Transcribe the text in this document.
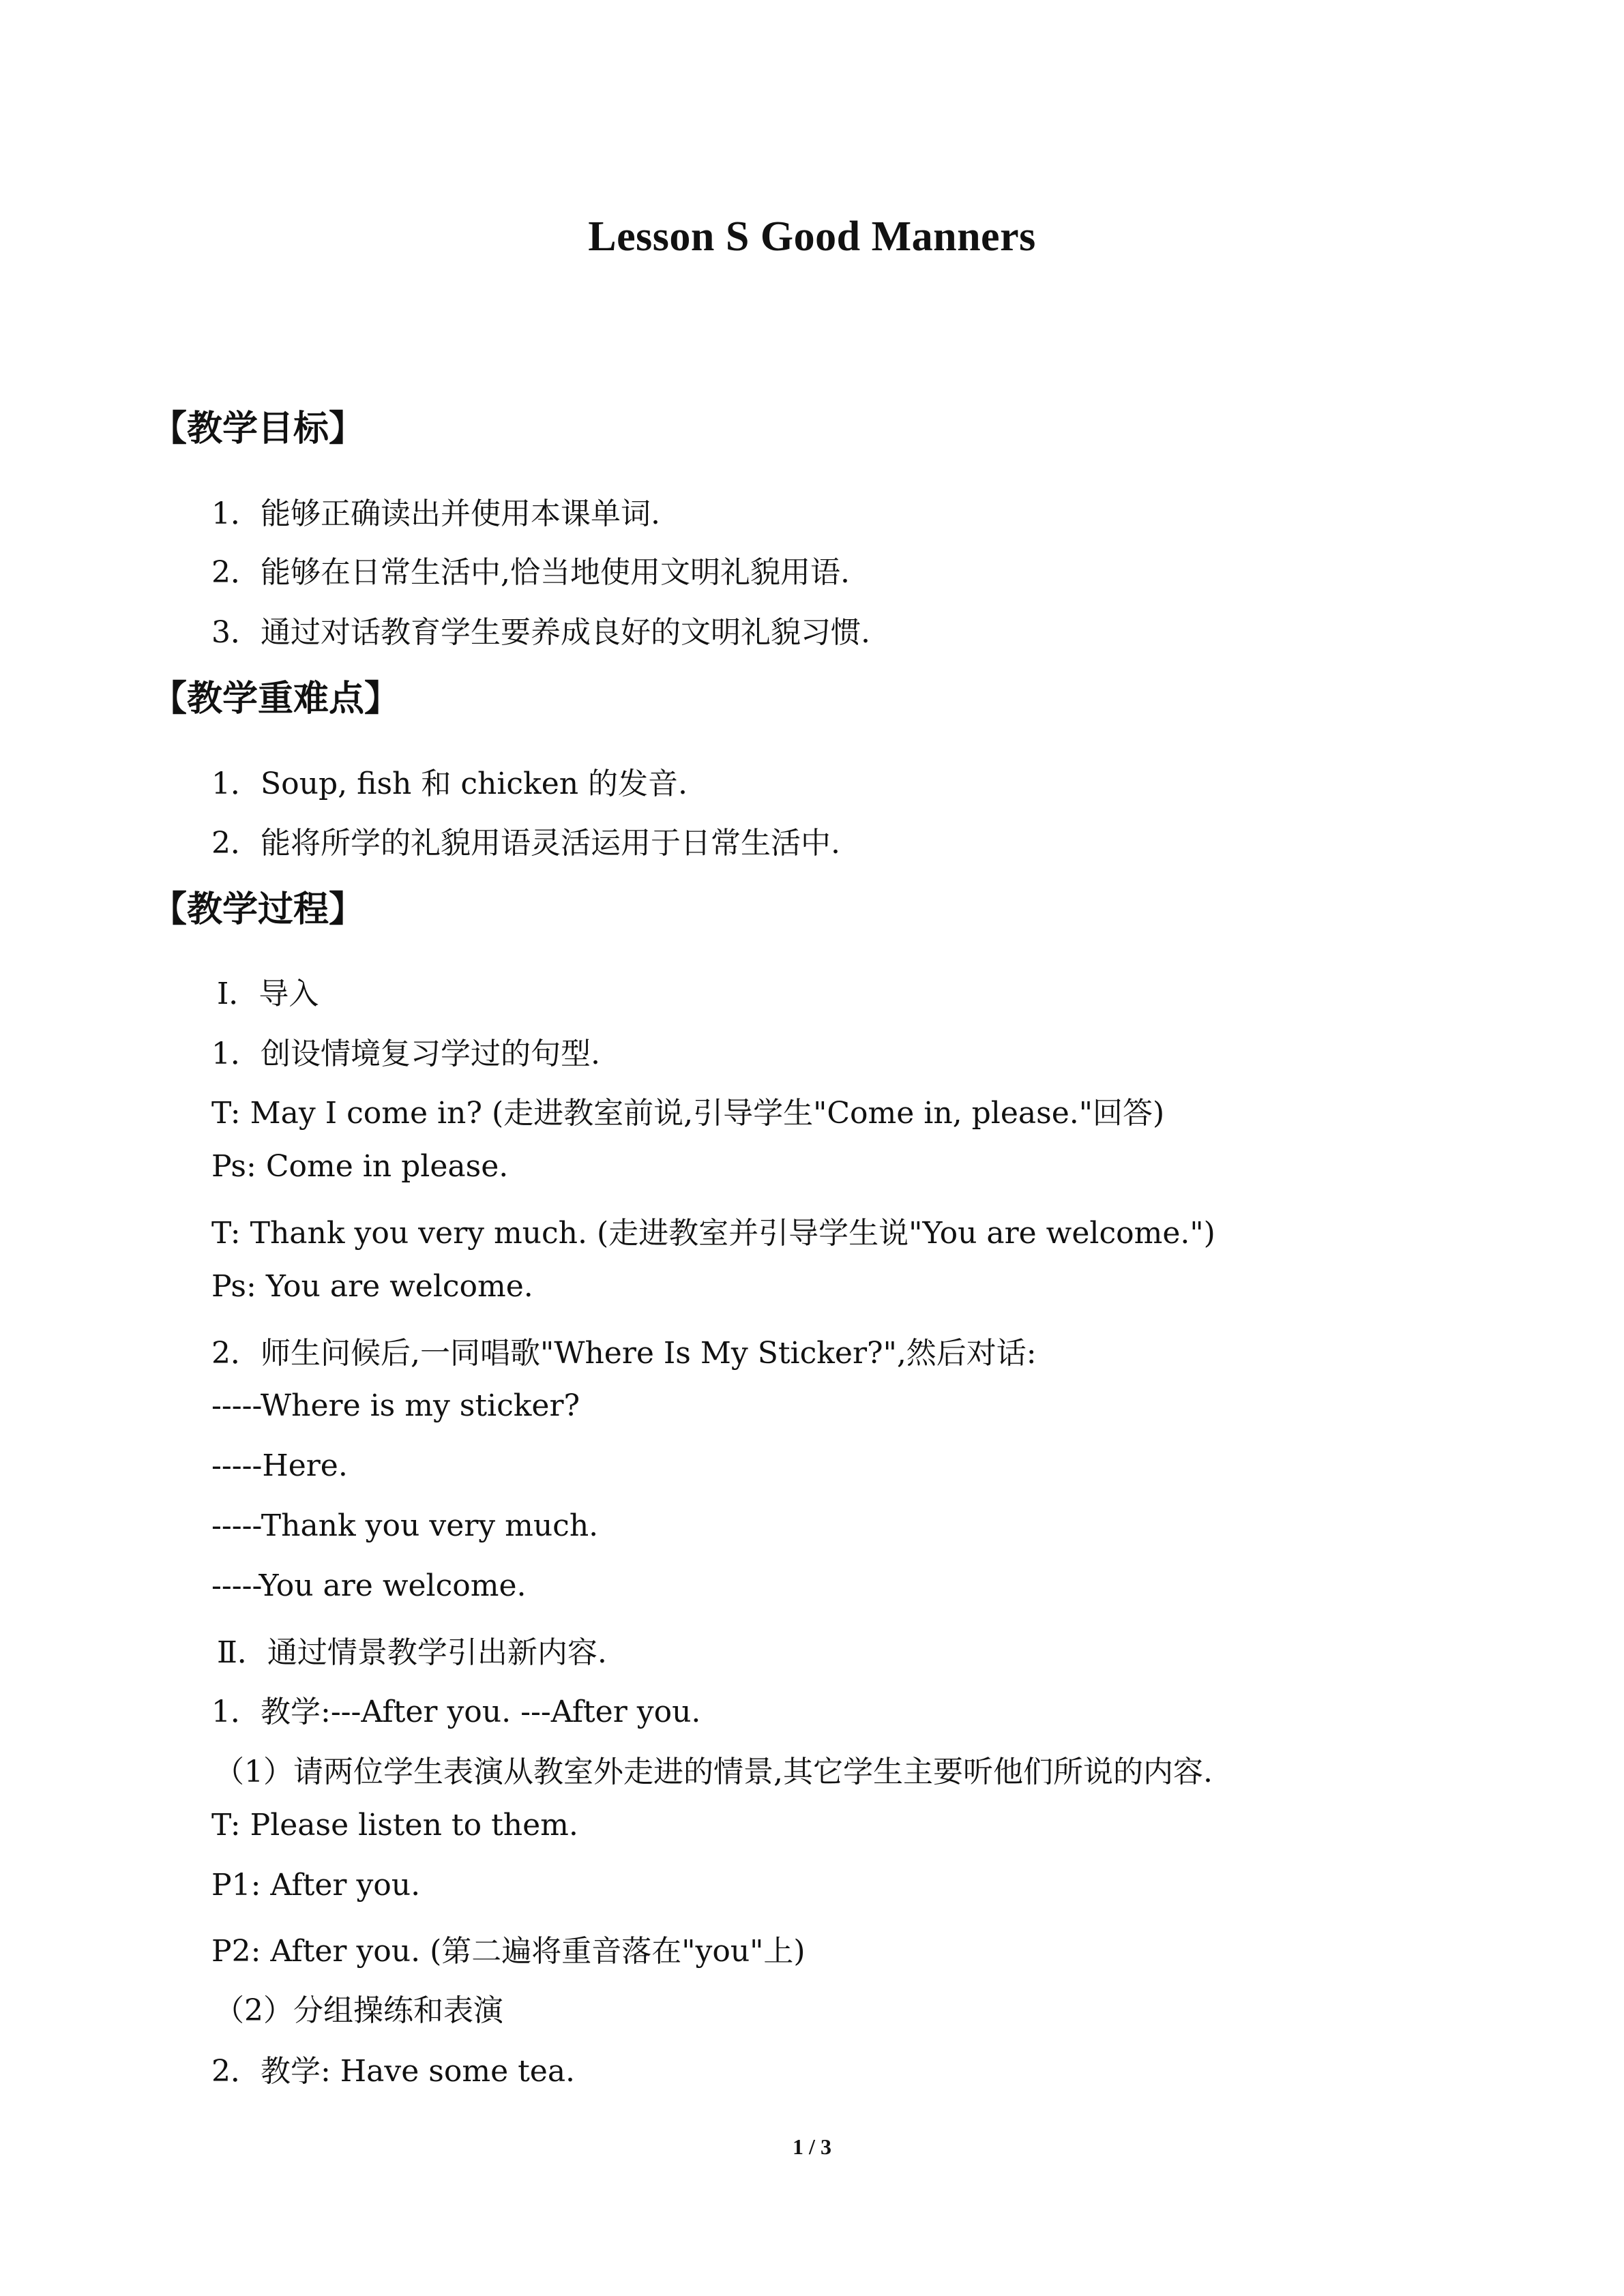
Lesson S Good Manners
【教学目标】
1．能够正确读出并使用本课单词.
2．能够在日常生活中,恰当地使用文明礼貌用语.
3．通过对话教育学生要养成良好的文明礼貌习惯.
【教学重难点】
1．Soup, fish 和 chicken 的发音.
2．能将所学的礼貌用语灵活运用于日常生活中.
【教学过程】
Ⅰ．导入
1．创设情境复习学过的句型.
T: May I come in? (走进教室前说,引导学生"Come in, please."回答)
Ps: Come in please.
T: Thank you very much. (走进教室并引导学生说"You are welcome.")
Ps: You are welcome.
2．师生问候后,一同唱歌"Where Is My Sticker?",然后对话:
-----Where is my sticker?
-----Here.
-----Thank you very much.
-----You are welcome.
Ⅱ．通过情景教学引出新内容.
1．教学:---After you. ---After you.
（1）请两位学生表演从教室外走进的情景,其它学生主要听他们所说的内容.
T: Please listen to them.
P1: After you.
P2: After you. (第二遍将重音落在"you"上)
（2）分组操练和表演
2．教学: Have some tea.
1 / 3
